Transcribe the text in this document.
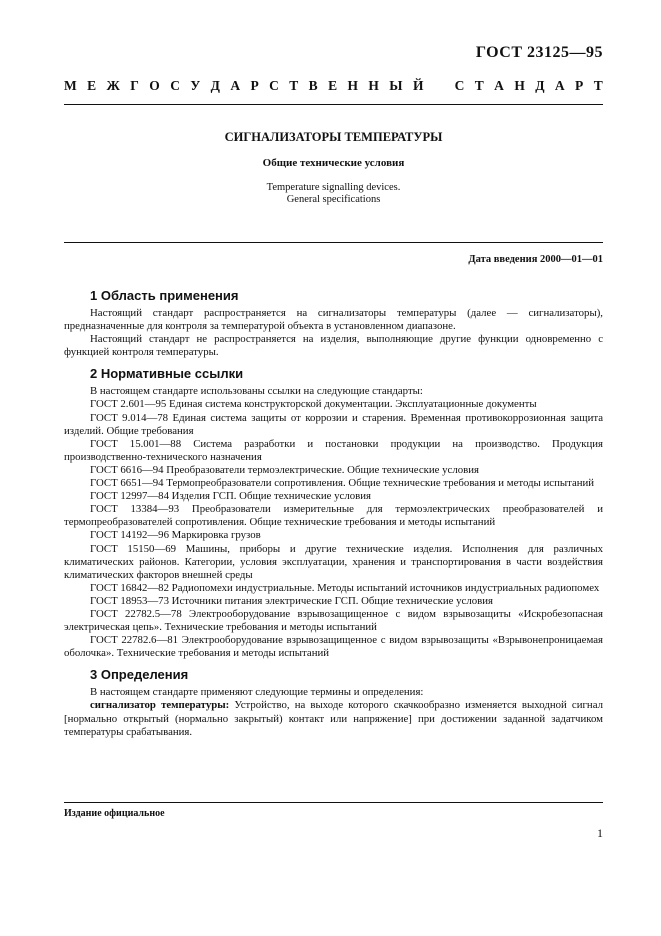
ГОСТ 23125—95
М Е Ж Г О С У Д А Р С Т В Е Н Н Ы Й С Т А Н Д А Р Т
СИГНАЛИЗАТОРЫ ТЕМПЕРАТУРЫ
Общие технические условия
Temperature signalling devices.
General specifications
Дата введения 2000—01—01
1 Область применения

Настоящий стандарт распространяется на сигнализаторы температуры (далее — сигнализаторы), предназначенные для контроля за температурой объекта в установленном диапазоне.

Настоящий стандарт не распространяется на изделия, выполняющие другие функции одновременно с функцией контроля температуры.

2 Нормативные ссылки

В настоящем стандарте использованы ссылки на следующие стандарты:

ГОСТ 2.601—95 Единая система конструкторской документации. Эксплуатационные документы

ГОСТ 9.014—78 Единая система защиты от коррозии и старения. Временная противокоррозионная защита изделий. Общие требования

ГОСТ 15.001—88 Система разработки и постановки продукции на производство. Продукция производственно-технического назначения

ГОСТ 6616—94 Преобразователи термоэлектрические. Общие технические условия

ГОСТ 6651—94 Термопреобразователи сопротивления. Общие технические требования и методы испытаний

ГОСТ 12997—84 Изделия ГСП. Общие технические условия

ГОСТ 13384—93 Преобразователи измерительные для термоэлектрических преобразователей и термопреобразователей сопротивления. Общие технические требования и методы испытаний

ГОСТ 14192—96 Маркировка грузов

ГОСТ 15150—69 Машины, приборы и другие технические изделия. Исполнения для различных климатических районов. Категории, условия эксплуатации, хранения и транспортирования в части воздействия климатических факторов внешней среды

ГОСТ 16842—82 Радиопомехи индустриальные. Методы испытаний источников индустриальных радиопомех

ГОСТ 18953—73 Источники питания электрические ГСП. Общие технические условия

ГОСТ 22782.5—78 Электрооборудование взрывозащищенное с видом взрывозащиты «Искробезопасная электрическая цепь». Технические требования и методы испытаний

ГОСТ 22782.6—81 Электрооборудование взрывозащищенное с видом взрывозащиты «Взрывонепроницаемая оболочка». Технические требования и методы испытаний

3 Определения

В настоящем стандарте применяют следующие термины и определения:

сигнализатор температуры: Устройство, на выходе которого скачкообразно изменяется выходной сигнал [нормально открытый (нормально закрытый) контакт или напряжение] при достижении заданной задатчиком температуры срабатывания.

Издание официальное
1
